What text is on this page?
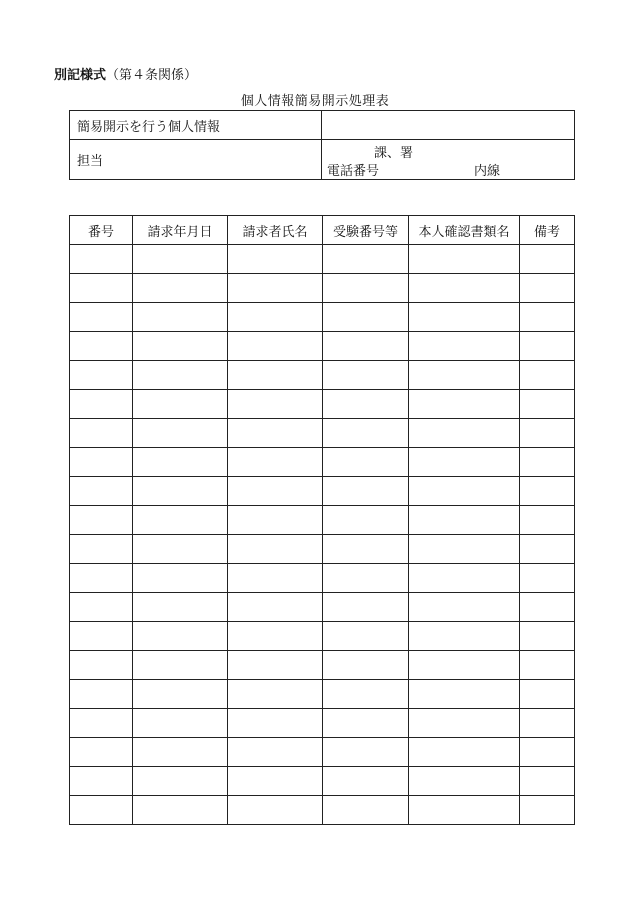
別記様式（第４条関係）
個人情報簡易開示処理表
簡易開示を行う個人情報	
担当	課、署
電話番号 内線
番号	請求年月日	請求者氏名	受験番号等	本人確認書類名	備考
